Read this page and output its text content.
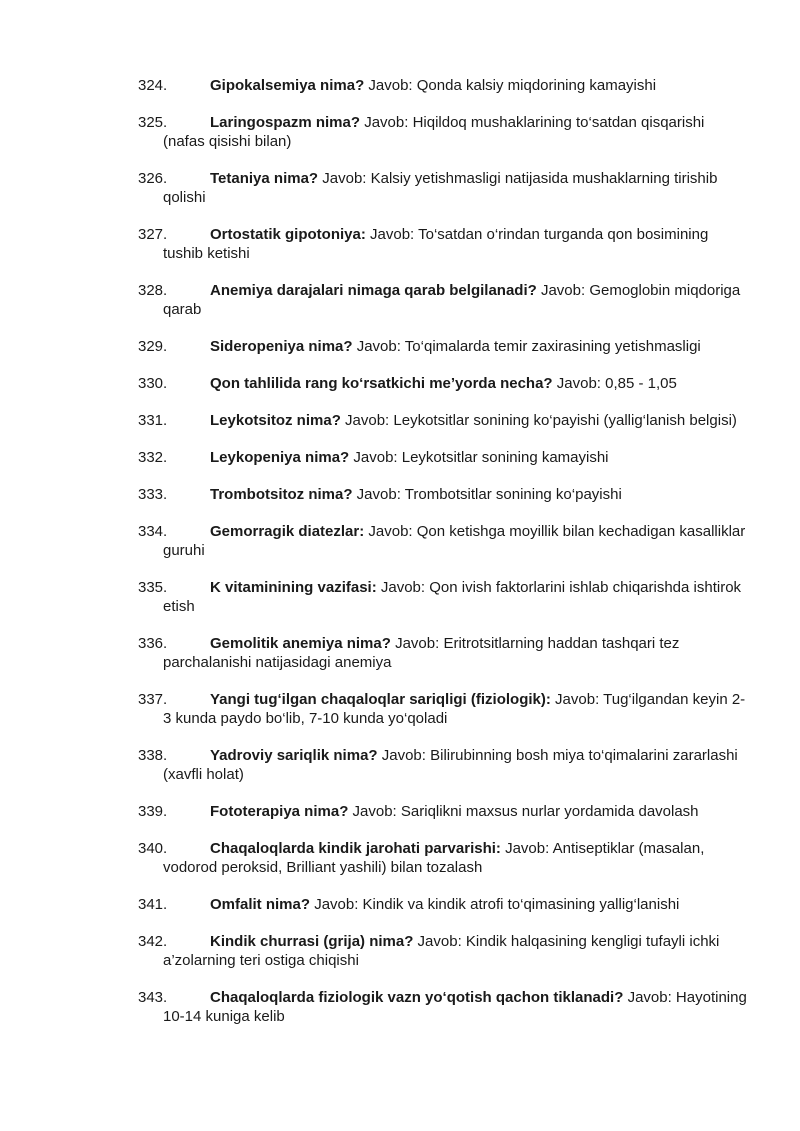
324.	Gipokalsemiya nima? Javob: Qonda kalsiy miqdorining kamayishi
325.	Laringospazm nima? Javob: Hiqildoq mushaklarining to‘satdan qisqarishi (nafas qisishi bilan)
326.	Tetaniya nima? Javob: Kalsiy yetishmasligi natijasida mushaklarning tirishib qolishi
327.	Ortostatik gipotoniya: Javob: To‘satdan o‘rindan turganda qon bosimining tushib ketishi
328.	Anemiya darajalari nimaga qarab belgilanadi? Javob: Gemoglobin miqdoriga qarab
329.	Sideropeniya nima? Javob: To‘qimalarda temir zaxirasining yetishmasligi
330.	Qon tahlilida rang ko‘rsatkichi me’yorda necha? Javob: 0,85 - 1,05
331.	Leykotsitoz nima? Javob: Leykotsitlar sonining ko‘payishi (yallig‘lanish belgisi)
332.	Leykopeniya nima? Javob: Leykotsitlar sonining kamayishi
333.	Trombotsitoz nima? Javob: Trombotsitlar sonining ko‘payishi
334.	Gemorragik diatezlar: Javob: Qon ketishga moyillik bilan kechadigan kasalliklar guruhi
335.	K vitaminining vazifasi: Javob: Qon ivish faktorlarini ishlab chiqarishda ishtirok etish
336.	Gemolitik anemiya nima? Javob: Eritrotsitlarning haddan tashqari tez parchalanishi natijasidagi anemiya
337.	Yangi tug‘ilgan chaqaloqlar sariqligi (fiziologik): Javob: Tug‘ilgandan keyin 2-3 kunda paydo bo‘lib, 7-10 kunda yo‘qoladi
338.	Yadroviy sariqlik nima? Javob: Bilirubinning bosh miya to‘qimalarini zararlashi (xavfli holat)
339.	Fototerapiya nima? Javob: Sariqlikni maxsus nurlar yordamida davolash
340.	Chaqaloqlarda kindik jarohati parvarishi: Javob: Antiseptiklar (masalan, vodorod peroksid, Brilliant yashili) bilan tozalash
341.	Omfalit nima? Javob: Kindik va kindik atrofi to‘qimasining yallig‘lanishi
342.	Kindik churrasi (grija) nima? Javob: Kindik halqasining kengligi tufayli ichki a’zolarning teri ostiga chiqishi
343.	Chaqaloqlarda fiziologik vazn yo‘qotish qachon tiklanadi? Javob: Hayotining 10-14 kuniga kelib
